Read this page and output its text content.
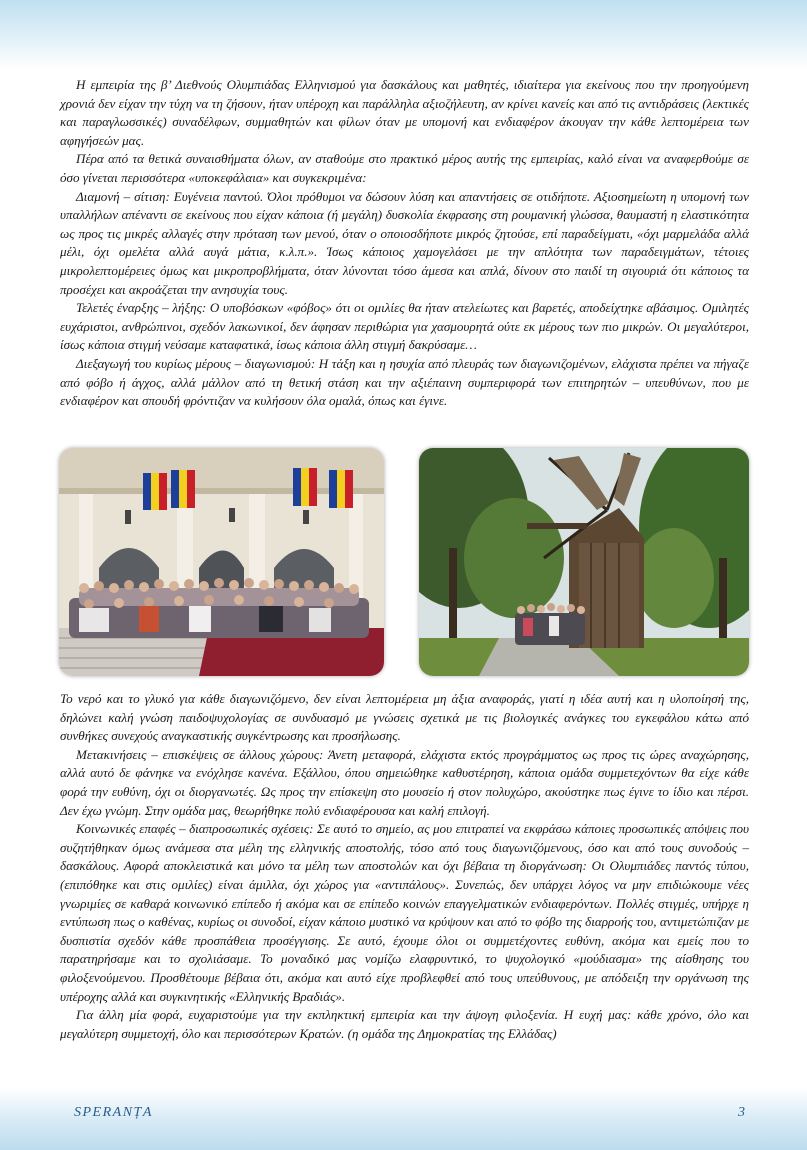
Η εμπειρία της β’ Διεθνούς Ολυμπιάδας Ελληνισμού για δασκάλους και μαθητές, ιδιαίτερα για εκείνους που την προηγούμενη χρονιά δεν είχαν την τύχη να τη ζήσουν, ήταν υπέροχη και παράλληλα αξιοζήλευτη, αν κρίνει κανείς και από τις αντιδράσεις (λεκτικές και παραγλωσσικές) συναδέλφων, συμμαθητών και φίλων όταν με υπομονή και ενδιαφέρον άκουγαν την κάθε λεπτομέρεια των αφηγήσεών μας.

Πέρα από τα θετικά συναισθήματα όλων, αν σταθούμε στο πρακτικό μέρος αυτής της εμπειρίας, καλό είναι να αναφερθούμε σε όσο γίνεται περισσότερα «υποκεφάλαια» και συγκεκριμένα:

Διαμονή – σίτιση: Ευγένεια παντού. Όλοι πρόθυμοι να δώσουν λύση και απαντήσεις σε οτιδήποτε. Αξιοσημείωτη η υπομονή των υπαλλήλων απέναντι σε εκείνους που είχαν κάποια (ή μεγάλη) δυσκολία έκφρασης στη ρουμανική γλώσσα, θαυμαστή η ελαστικότητα ως προς τις μικρές αλλαγές στην πρόταση των μενού, όταν ο οποιοσδήποτε μικρός ζητούσε, επί παραδείγματι, «όχι μαρμελάδα αλλά μέλι, όχι ομελέτα αλλά αυγά μάτια, κ.λ.π.». Ίσως κάποιος χαμογελάσει με την απλότητα των παραδειγμάτων, τέτοιες μικρολεπτομέρειες όμως και μικροπροβλήματα, όταν λύνονται τόσο άμεσα και απλά, δίνουν στο παιδί τη σιγουριά ότι κάποιος τα προσέχει και ακροάζεται την ανησυχία τους.

Τελετές έναρξης – λήξης: Ο υποβόσκων «φόβος» ότι οι ομιλίες θα ήταν ατελείωτες και βαρετές, αποδείχτηκε αβάσιμος. Ομιλητές ευχάριστοι, ανθρώπινοι, σχεδόν λακωνικοί, δεν άφησαν περιθώρια για χασμουρητά ούτε εκ μέρους των πιο μικρών. Οι μεγαλύτεροι, ίσως κάποια στιγμή νεύσαμε καταφατικά, ίσως κάποια άλλη στιγμή δακρύσαμε…

Διεξαγωγή του κυρίως μέρους – διαγωνισμού: Η τάξη και η ησυχία από πλευράς των διαγωνιζομένων, ελάχιστα πρέπει να πήγαζε από φόβο ή άγχος, αλλά μάλλον από τη θετική στάση και την αξιέπαινη συμπεριφορά των επιτηρητών – υπευθύνων, που με ενδιαφέρον και σπουδή φρόντιζαν να κυλήσουν όλα ομαλά, όπως και έγινε.

Το νερό και το γλυκό για κάθε διαγωνιζόμενο, δεν είναι λεπτομέρεια μη άξια αναφοράς, γιατί η ιδέα αυτή και η υλοποίησή της, δηλώνει καλή γνώση παιδοψυχολογίας σε συνδυασμό με γνώσεις σχετικά με τις βιολογικές ανάγκες του εγκεφάλου κάτω από συνθήκες συνεχούς αναγκαστικής συγκέντρωσης και προσήλωσης.

Μετακινήσεις – επισκέψεις σε άλλους χώρους: Άνετη μεταφορά, ελάχιστα εκτός προγράμματος ως προς τις ώρες αναχώρησης, αλλά αυτό δε φάνηκε να ενόχλησε κανένα. Εξάλλου, όπου σημειώθηκε καθυστέρηση, κάποια ομάδα συμμετεχόντων θα είχε κάθε φορά την ευθύνη, όχι οι διοργανωτές. Ως προς την επίσκεψη στο μουσείο ή στον πολυχώρο, ακούστηκε πως έγινε το ίδιο και πέρσι. Δεν έχω γνώμη. Στην ομάδα μας, θεωρήθηκε πολύ ενδιαφέρουσα και καλή επιλογή.

Κοινωνικές επαφές – διαπροσωπικές σχέσεις: Σε αυτό το σημείο, ας μου επιτραπεί να εκφράσω κάποιες προσωπικές απόψεις που συζητήθηκαν όμως ανάμεσα στα μέλη της ελληνικής αποστολής, τόσο από τους διαγωνιζόμενους, όσο και από τους συνοδούς – δασκάλους. Αφορά αποκλειστικά και μόνο τα μέλη των αποστολών και όχι βέβαια τη διοργάνωση: Οι Ολυμπιάδες παντός τύπου, (επιπόθηκε και στις ομιλίες) είναι άμιλλα, όχι χώρος για «αντιπάλους». Συνεπώς, δεν υπάρχει λόγος να μην επιδιώκουμε νέες γνωριμίες σε καθαρά κοινωνικό επίπεδο ή ακόμα και σε επίπεδο κοινών επαγγελματικών ενδιαφερόντων. Πολλές στιγμές, υπήρχε η εντύπωση πως ο καθένας, κυρίως οι συνοδοί, είχαν κάποιο μυστικό να κρύψουν και από το φόβο της διαρροής του, αντιμετώπιζαν με δυσπιστία σχεδόν κάθε προσπάθεια προσέγγισης. Σε αυτό, έχουμε όλοι οι συμμετέχοντες ευθύνη, ακόμα και εμείς που το παρατηρήσαμε και το σχολιάσαμε. Το μοναδικό μας νομίζω ελαφρυντικό, το ψυχολογικό «μούδιασμα» της αίσθησης του φιλοξενούμενου. Προσθέτουμε βέβαια ότι, ακόμα και αυτό είχε προβλεφθεί από τους υπεύθυνους, με απόδειξη την οργάνωση της υπέροχης αλλά και συγκινητικής «Ελληνικής Βραδιάς».

Για άλλη μία φορά, ευχαριστούμε για την εκπληκτική εμπειρία και την άψογη φιλοξενία. Η ευχή μας: κάθε χρόνο, όλο και μεγαλύτερη συμμετοχή, όλο και περισσότερων Κρατών. (η ομάδα της Δημοκρατίας της Ελλάδας)

SPERANȚA	3
